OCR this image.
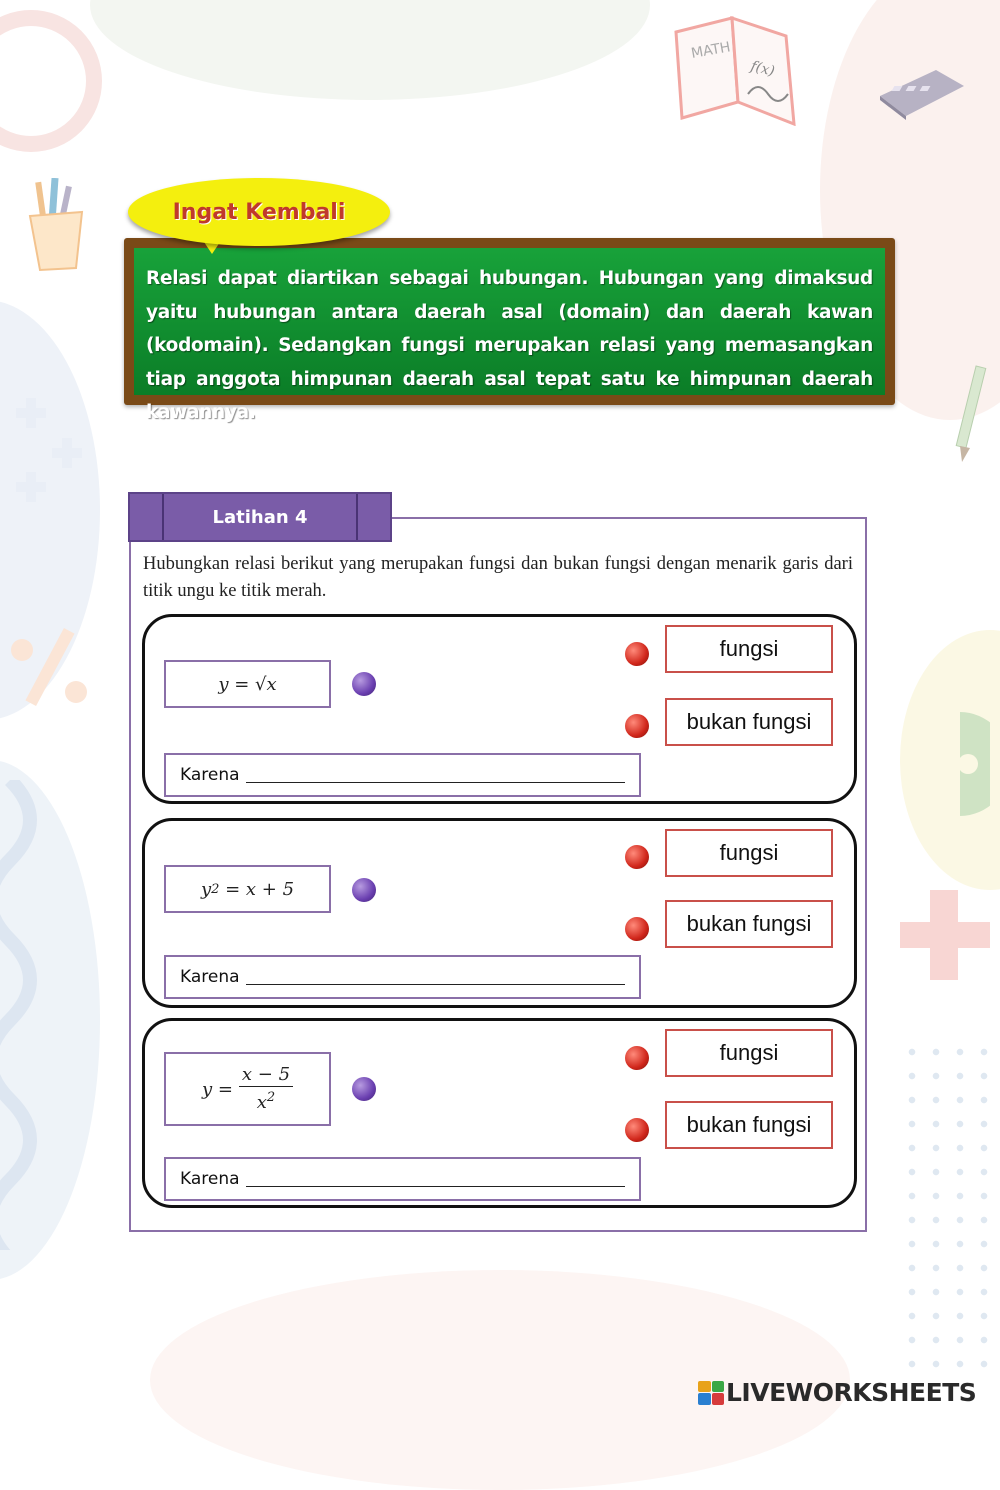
MATH
f(x)

Relasi dapat diartikan sebagai hubungan. Hubungan yang dimaksud yaitu hubungan antara daerah asal (domain) dan daerah kawan (kodomain). Sedangkan fungsi merupakan relasi yang memasangkan tiap anggota himpunan daerah asal tepat satu ke himpunan daerah kawannya.

Ingat Kembali
Latihan 4

Hubungkan relasi berikut yang merupakan fungsi dan bukan fungsi dengan menarik garis dari titik ungu ke titik merah.

y = √x
fungsi
bukan fungsi
Karena
y 2 = x + 5
fungsi
bukan fungsi
Karena
$y = \frac{x - 5}{x^2}$
fungsi
bukan fungsi
Karena
LIVEWORKSHEETS
